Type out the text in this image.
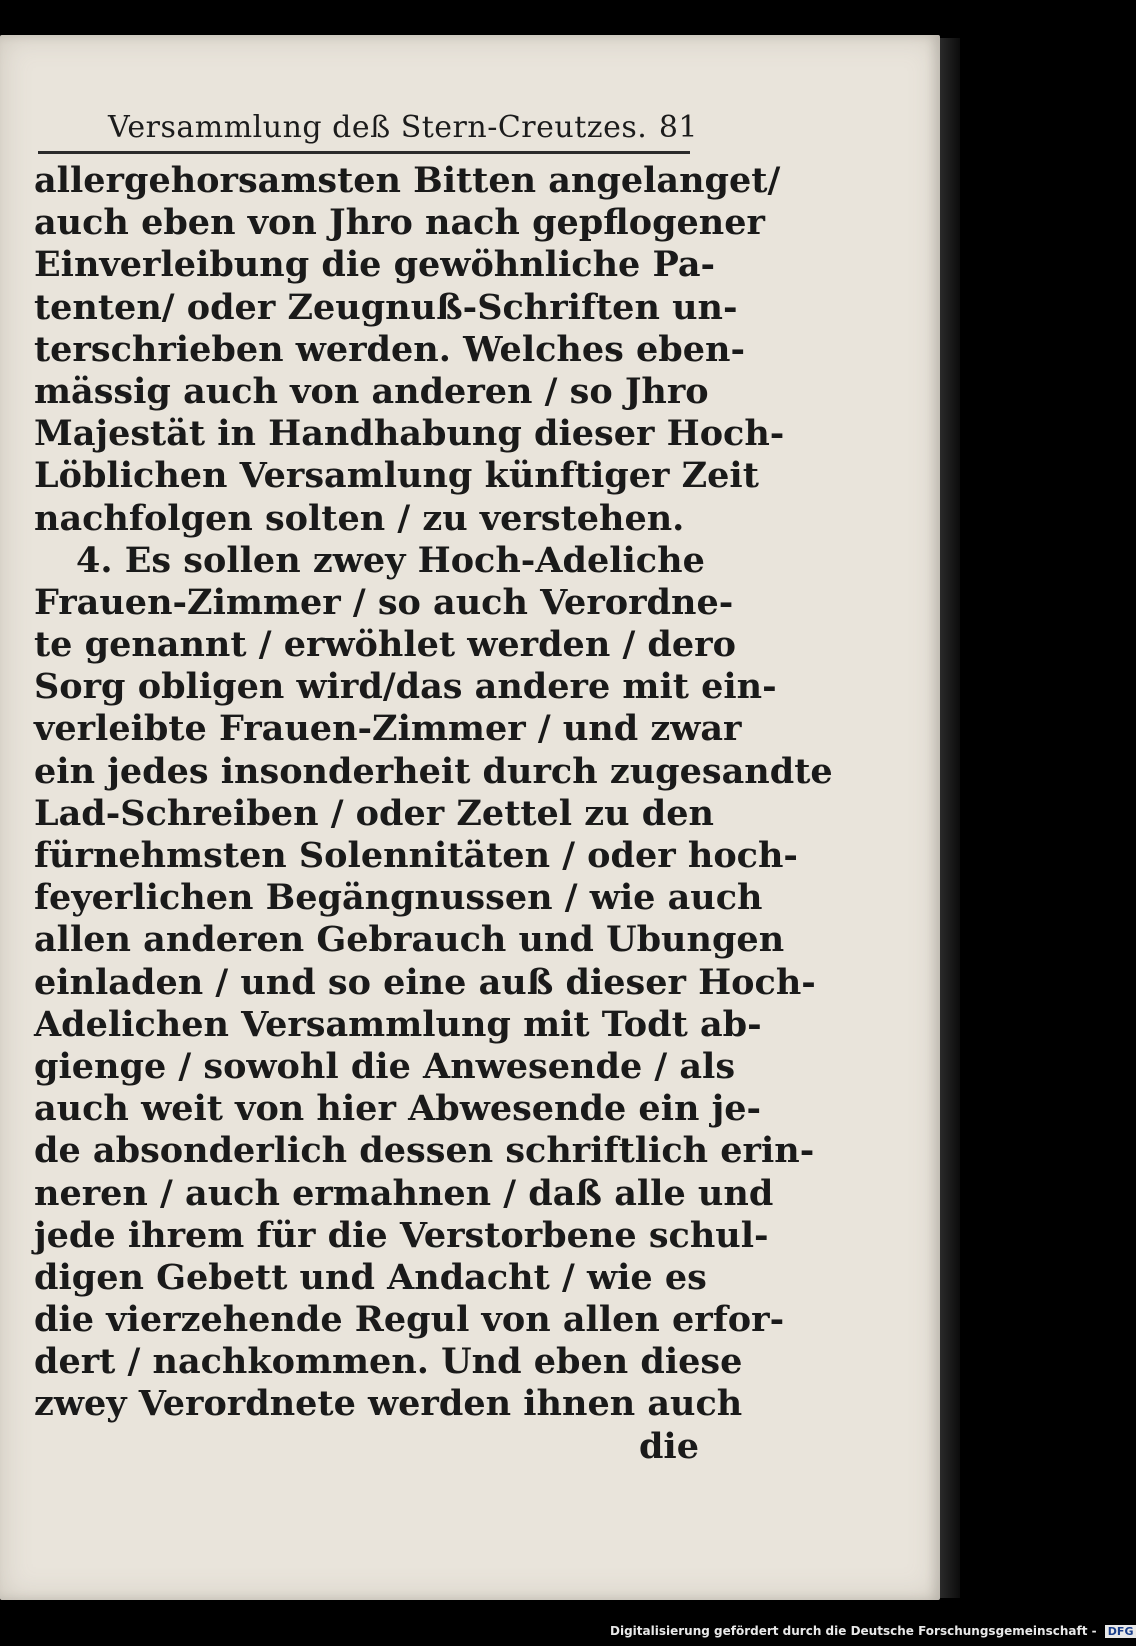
Versammlung deß Stern-Creutzes. 81
allergehorsamsten Bitten angelanget/
auch eben von Jhro nach gepflogener
Einverleibung die gewöhnliche Pa-
tenten/ oder Zeugnuß-Schriften un-
terschrieben werden. Welches eben-
mässig auch von anderen / so Jhro
Majestät in Handhabung dieser Hoch-
Löblichen Versamlung künftiger Zeit
nachfolgen solten / zu verstehen.
4. Es sollen zwey Hoch-Adeliche
Frauen-Zimmer / so auch Verordne-
te genannt / erwöhlet werden / dero
Sorg obligen wird/das andere mit ein-
verleibte Frauen-Zimmer / und zwar
ein jedes insonderheit durch zugesandte
Lad-Schreiben / oder Zettel zu den
fürnehmsten Solennitäten / oder hoch-
feyerlichen Begängnussen / wie auch
allen anderen Gebrauch und Ubungen
einladen / und so eine auß dieser Hoch-
Adelichen Versammlung mit Todt ab-
gienge / sowohl die Anwesende / als
auch weit von hier Abwesende ein je-
de absonderlich dessen schriftlich erin-
neren / auch ermahnen / daß alle und
jede ihrem für die Verstorbene schul-
digen Gebett und Andacht / wie es
die vierzehende Regul von allen erfor-
dert / nachkommen. Und eben diese
zwey Verordnete werden ihnen auch
die
Digitalisierung gefördert durch die Deutsche Forschungsgemeinschaft - DFG
